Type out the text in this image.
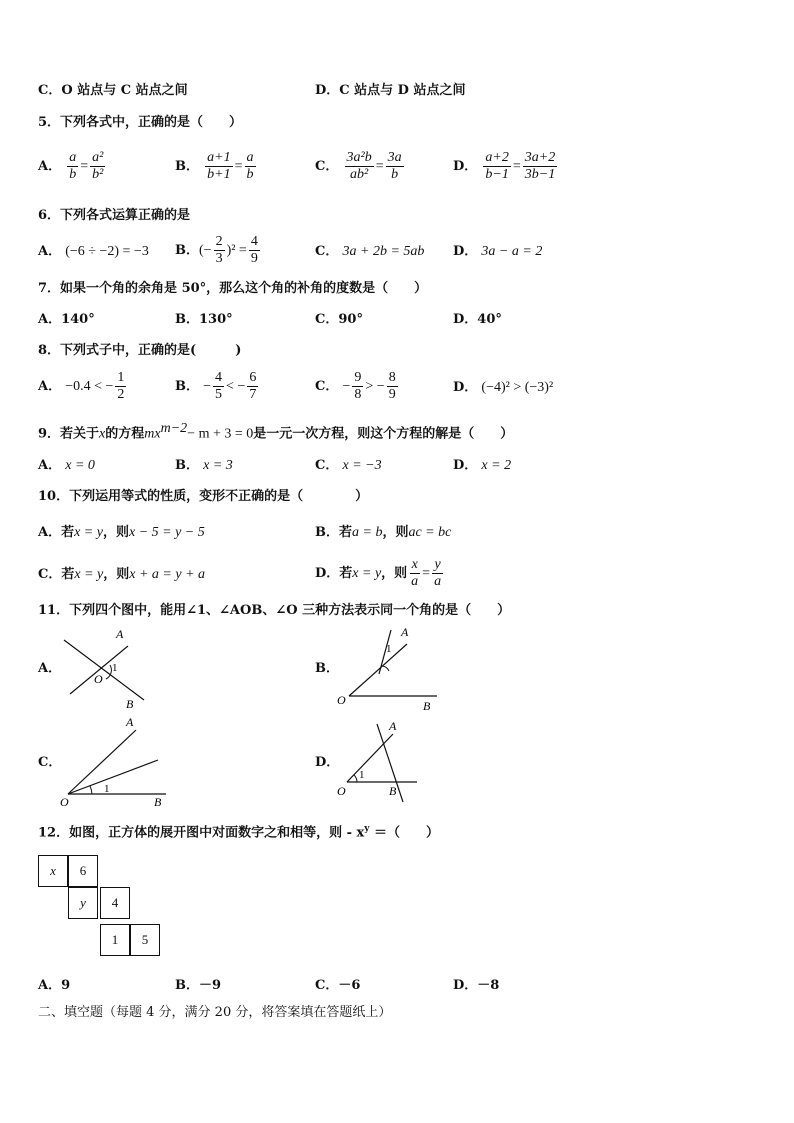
C．O 站点与 C 站点之间	D．C 站点与 D 站点之间
5．下列各式中，正确的是（　　）
A． $\frac{a}{b} = \frac{\text{a²}}{\text{b²}}$	B． $\frac{a+1}{b+1} = \frac{a}{b}$	C． $\frac{\text{3a²b}}{\text{ab²}} = \frac{3a}{b}$	D． $\frac{a+2}{b-1} = \frac{3a+2}{3b-1}$
6．下列各式运算正确的是
A． (−6 ÷ −2) = −3 B．(− $\frac{2}{3} )^2 = \frac{4}{9}$	C． 3a + 2b = 5ab D． 3a − a = 2
7．如果一个角的余角是 50°，那么这个角的补角的度数是（　　）
A．140°	B．130°	C．90°	D．40°
8．下列式子中，正确的是(　　　)
A． −0.4 < − $\frac{1}{2}$	B． − $\frac{4}{5}$ < − $\frac{6}{7}$	C． − $\frac{9}{8}$ > − $\frac{8}{9}$	D． (−4)² > (−3)²
9．若关于x的方程$mx^{m-2}- m + 3 = 0$是一元一次方程，则这个方程的解是（　　）
A． x = 0	B． x = 3	C． x = −3	D． x = 2
10．下列运用等式的性质，变形不正确的是（　　　　）
A．若x = y，则x − 5 = y − 5	B．若a = b，则ac = bc
C．若x = y，则x + a = y + a	D．若x = y，则 $\frac{x}{a} = \frac{y}{a}$
11．下列四个图中，能用∠1、∠AOB、∠O 三种方法表示同一个角的是（　　）
A．	B．
C．	D．
A
O
1
B
A
1
O	B
A
1
O	B
A
1
O	B
12．如图，正方体的展开图中对面数字之和相等，则 - $x^y$ ＝（　　）
x	6
y	4
1	5
A．9	B．－9	C．－6	D．－8
二、填空题（每题 4 分，满分 20 分，将答案填在答题纸上）
